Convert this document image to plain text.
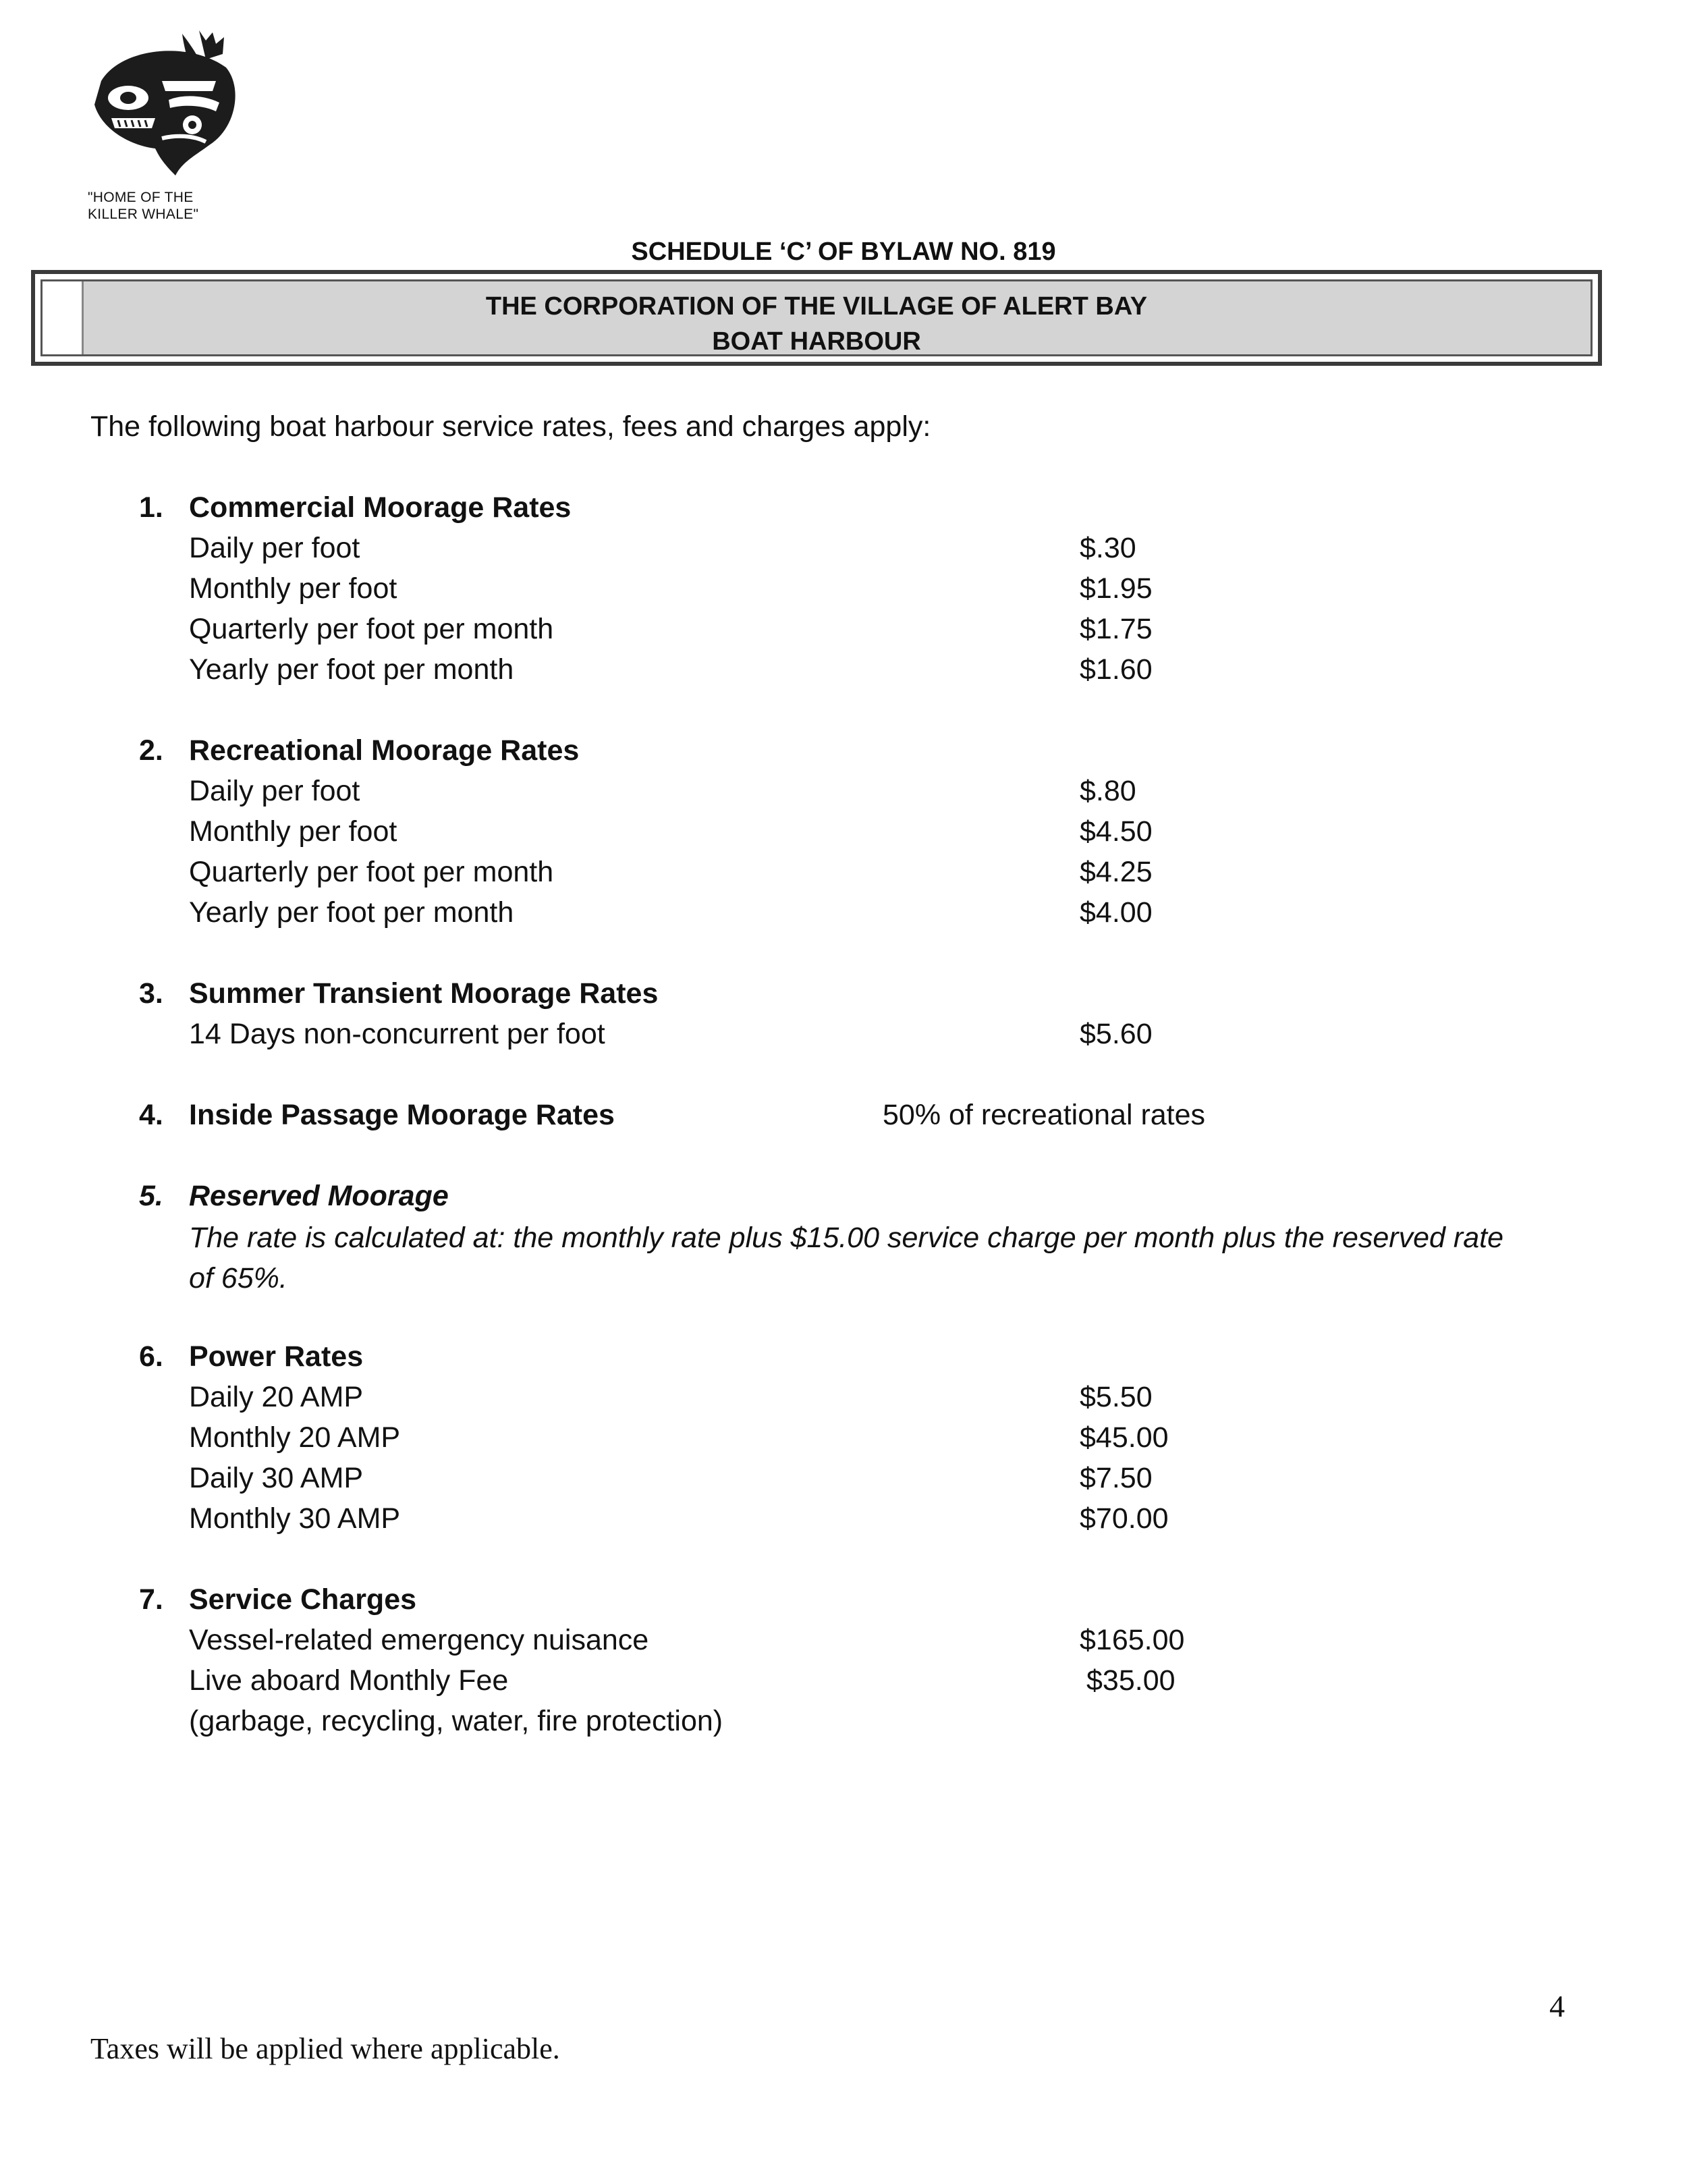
"HOME OF THE
KILLER WHALE"
SCHEDULE ‘C’ OF BYLAW NO. 819
THE CORPORATION OF THE VILLAGE OF ALERT BAY
BOAT HARBOUR
The following boat harbour service rates, fees and charges apply:
1. Commercial Moorage Rates
Daily per foot	$.30
Monthly per foot	$1.95
Quarterly per foot per month	$1.75
Yearly per foot per month	$1.60
2. Recreational Moorage Rates
Daily per foot	$.80
Monthly per foot	$4.50
Quarterly per foot per month	$4.25
Yearly per foot per month	$4.00
3. Summer Transient Moorage Rates
14 Days non-concurrent per foot	$5.60
4. Inside Passage Moorage Rates	50% of recreational rates
5. Reserved Moorage
The rate is calculated at: the monthly rate plus $15.00 service charge per month plus the reserved rate
of 65%.
6. Power Rates
Daily 20 AMP	$5.50
Monthly 20 AMP	$45.00
Daily 30 AMP	$7.50
Monthly 30 AMP	$70.00
7. Service Charges
Vessel-related emergency nuisance	$165.00
Live aboard Monthly Fee	$35.00
(garbage, recycling, water, fire protection)
4
Taxes will be applied where applicable.
